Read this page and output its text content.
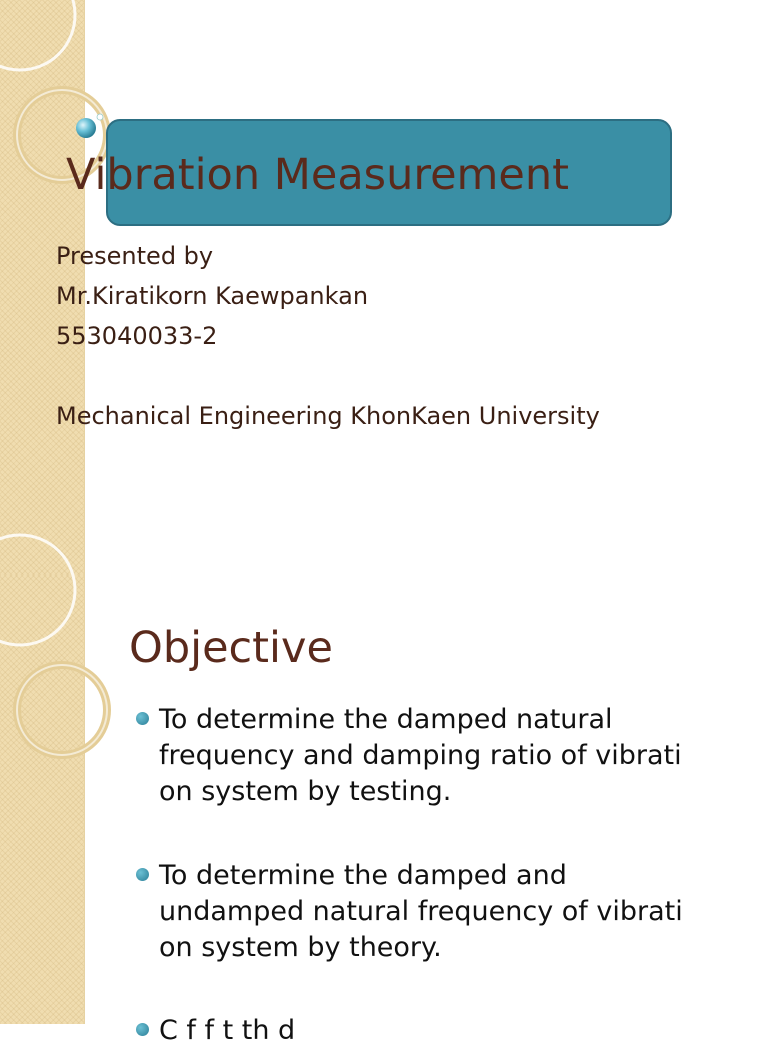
Vibration Measurement
Presented by
Mr.Kiratikorn Kaewpankan
553040033-2
Mechanical Engineering KhonKaen University
Objective

To determine the damped natural
frequency and damping ratio of vibrati
on system by testing.

To determine the damped and
undamped natural frequency of vibrati
on system by theory.

C f f t th d
